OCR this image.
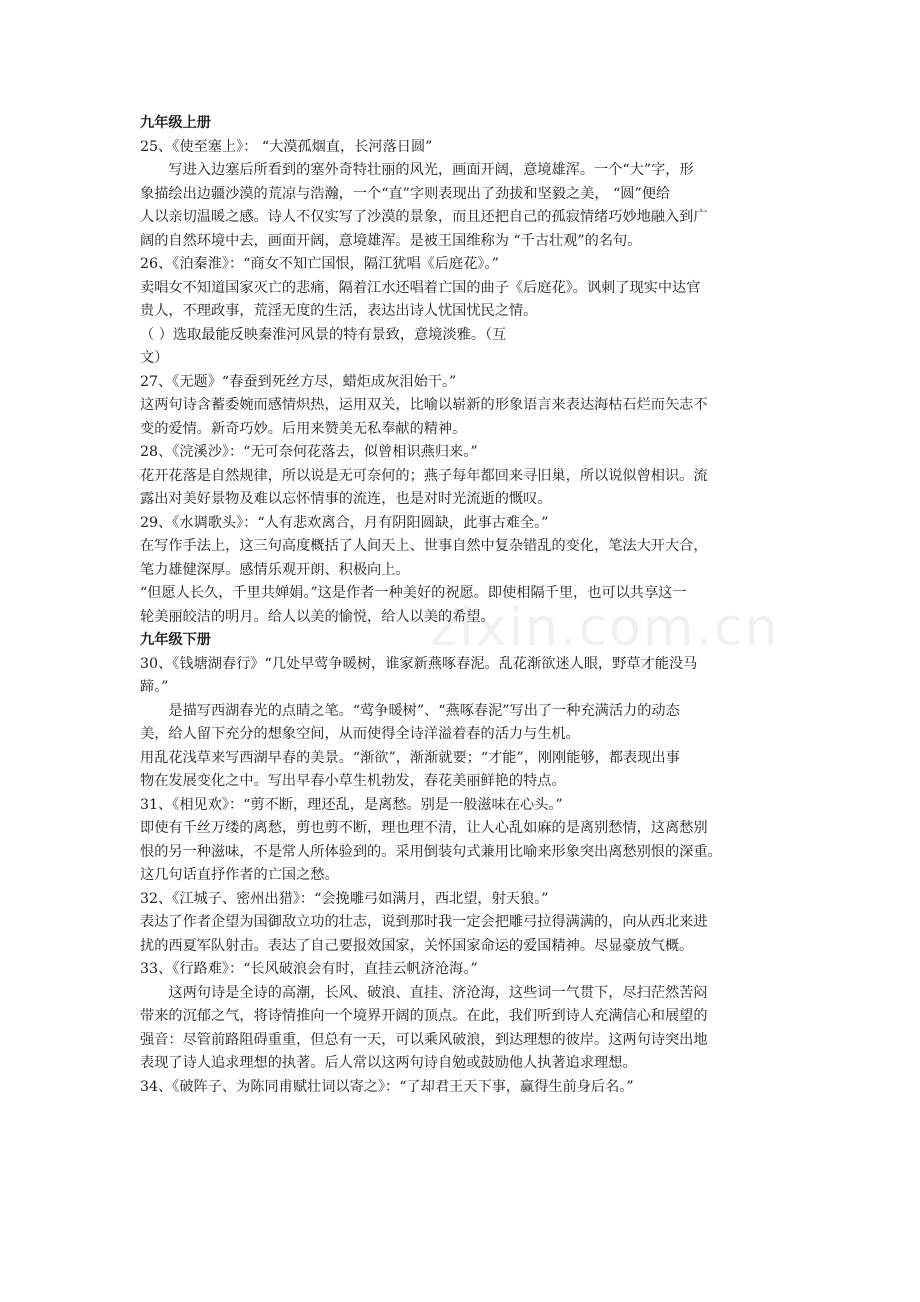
zixin.com.cn
九年级上册
25、《使至塞上》： “大漠孤烟直，长河落日圆”
写进入边塞后所看到的塞外奇特壮丽的风光，画面开阔，意境雄浑。一个“大”字，形
象描绘出边疆沙漠的荒凉与浩瀚，一个“直”字则表现出了劲拔和坚毅之美， “圆”便给
人以亲切温暖之感。诗人不仅实写了沙漠的景象，而且还把自己的孤寂情绪巧妙地融入到广
阔的自然环境中去，画面开阔，意境雄浑。是被王国维称为 “千古壮观”的名句。
26、《泊秦淮》：“商女不知亡国恨，隔江犹唱《后庭花》。”
卖唱女不知道国家灭亡的悲痛，隔着江水还唱着亡国的曲子《后庭花》。讽刺了现实中达官
贵人，不理政事，荒淫无度的生活，表达出诗人忧国忧民之情。
（ ）选取最能反映秦淮河风景的特有景致，意境淡雅。（互
文）
27、《无题》“春蚕到死丝方尽，蜡炬成灰泪始干。”
这两句诗含蓄委婉而感情炽热，运用双关，比喻以崭新的形象语言来表达海枯石烂而矢志不
变的爱情。新奇巧妙。后用来赞美无私奉献的精神。
28、《浣溪沙》：“无可奈何花落去，似曾相识燕归来。”
花开花落是自然规律，所以说是无可奈何的；燕子每年都回来寻旧巢，所以说似曾相识。流
露出对美好景物及难以忘怀情事的流连，也是对时光流逝的慨叹。
29、《水调歌头》：“人有悲欢离合，月有阴阳圆缺，此事古难全。”
在写作手法上，这三句高度概括了人间天上、世事自然中复杂错乱的变化，笔法大开大合，
笔力雄健深厚。感情乐观开朗、积极向上。
“但愿人长久，千里共婵娟。”这是作者一种美好的祝愿。即使相隔千里，也可以共享这一
轮美丽皎洁的明月。给人以美的愉悦，给人以美的希望。
九年级下册
30、《钱塘湖春行》“几处早莺争暖树，谁家新燕啄春泥。乱花渐欲迷人眼，野草才能没马
蹄。”
是描写西湖春光的点睛之笔。“莺争暖树”、“燕啄春泥”写出了一种充满活力的动态
美，给人留下充分的想象空间，从而使得全诗洋溢着春的活力与生机。
用乱花浅草来写西湖早春的美景。“渐欲”，渐渐就要；“才能”，刚刚能够，都表现出事
物在发展变化之中。写出早春小草生机勃发，春花美丽鲜艳的特点。
31、《相见欢》：“剪不断，理还乱，是离愁。别是一般滋味在心头。”
即使有千丝万缕的离愁，剪也剪不断，理也理不清，让人心乱如麻的是离别愁情，这离愁别
恨的另一种滋味，不是常人所体验到的。采用倒装句式兼用比喻来形象突出离愁别恨的深重。
这几句话直抒作者的亡国之愁。
32、《江城子、密州出猎》：“会挽雕弓如满月，西北望，射天狼。”
表达了作者企望为国御敌立功的壮志，说到那时我一定会把雕弓拉得满满的，向从西北来进
扰的西夏军队射击。表达了自己要报效国家，关怀国家命运的爱国精神。尽显豪放气概。
33、《行路难》：“长风破浪会有时，直挂云帆济沧海。”
这两句诗是全诗的高潮，长风、破浪、直挂、济沧海，这些词一气贯下，尽扫茫然苦闷
带来的沉郁之气，将诗情推向一个境界开阔的顶点。在此，我们听到诗人充满信心和展望的
强音：尽管前路阻碍重重，但总有一天，可以乘风破浪，到达理想的彼岸。这两句诗突出地
表现了诗人追求理想的执著。后人常以这两句诗自勉或鼓励他人执著追求理想。
34、《破阵子、为陈同甫赋壮词以寄之》：“了却君王天下事，赢得生前身后名。”
